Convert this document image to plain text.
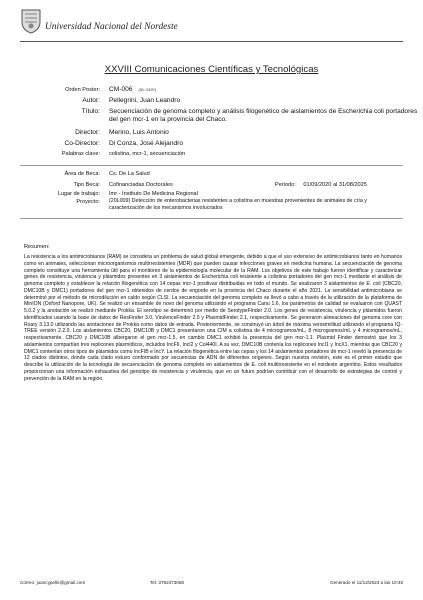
Universidad Nacional del Nordeste
XXVIII Comunicaciones Científicas y Tecnológicas
Orden Poster: CM-006 (ID: 2497)
Autor: Pellegrini, Juan Leandro
Título: Secuenciación de genoma completo y análisis filogenético de aislamientos de Escherichia coli portadores del gen mcr-1 en la provincia del Chaco.
Director: Merino, Luis Antonio
Co-Director: Di Conza, José Alejandro
Palabras clave: colistina, mcr-1, secuenciación
Área de Beca: Cs. De La Salud
Tipo Beca: Cofinanciadas Doctorales	Periodo: 01/09/2020 al 31/08/2025
Lugar de trabajo: Imr - Instituto De Medicina Regional
Proyecto: (20L009) Detección de enterobacterias resistentes a colistina en muestras provenientes de animales de cría y caracterización de los mecanismos involucrados
Resumen:
La resistencia a los antimicrobianos (RAM) se considera un problema de salud global emergente, debido a que el uso extensivo de antimicrobianos tanto en humanos como en animales, seleccionan microorganismos multirresistentes (MDR) que pueden causar infecciones graves en medicina humana. La secuenciación de genoma completo constituye una herramienta útil para el monitoreo de la epidemiología molecular de la RAM. Los objetivos de este trabajo fueron identificar y caracterizar genes de resistencia, virulencia y plásmidos presentes en 3 aislamientos de Escherichia coli resistente a colistina portadores del gen mcr-1 mediante el análisis de genoma completo y establecer la relación filogenética con 14 cepas mcr-1 positivas distribuidas en todo el mundo. Se analizaron 3 aislamientos de E. coli (CBC20, DMC10B y DMC1) portadores del gen mcr-1 obtenidos de cerdos de engorde en la provincia del Chaco durante el año 2021. La sensibilidad antimicrobiana se determinó por el método de microdilución en caldo según CLSI. La secuenciación del genoma completo se llevó a cabo a través de la utilización de la plataforma de MinION (Oxford Nanopore, UK). Se realizó un ensamble de novo del genoma utilizando el programa Canu 1.6, los parámetros de calidad se evaluaron con QUAST 5.0.2 y la anotación se realizó mediante Prokka. El serotipo se determinó por medio de SerotypeFinder 2.0. Los genes de resistencia, virulencia y plásmidos fueron identificados usando la base de datos de ResFinder 3.0, VirulenceFinder 2.0 y PlasmidFinder 2.1, respectivamente. Se generaron alineaciones del genoma core con Roary 3.13.0 utilizando las anotaciones de Prokka como datos de entrada. Posteriormente, se construyó un árbol de máxima verosimilitud utilizando el programa IQ-TREE versión 2.2.0. Los aislamientos CBC20, DMC10B y DMC1 presentaron una CIM a colistina de 4 microgramos/mL, 8 microgramos/mL y 4 microgramos/mL, respectivamente. CBC20 y DMC10B albergaron el gen mcr-1.5, en cambio DMC1 exhibió la presencia del gen mcr-1.1. Plasmid Finder demostró que los 3 aislamientos compartían tres replicones plasmídicos, incluidos IncFII, IncI2 y Col440I. A su vez, DMC10B contenía los replicones IncI1 y IncX1, mientras que CBC20 y DMC1 contenían otros tipos de plásmidos como IncFIB e IncY. La relación filogenética entre las cepas y los 14 aislamientos portadores de mcr-1 reveló la presencia de 12 clados distintos, donde cada clado estuvo conformado por secuencias de ADN de diferentes orígenes. Según nuestra revisión, este es el primer estudio que describe la utilización de la tecnología de secuenciación de genoma completo en aislamientos de E. coli multirresistente en el nordeste argentino. Estos resultados proporcionan una información exhaustiva del genotipo de resistencia y virulencia, que en un futuro podrían contribuir con el desarrollo de estrategias de control y prevención de la RAM en la región.
Correo: juancypelle@gmail.com	Tel: 3782473058	Generado el 11/12/2023 a las 10:45
